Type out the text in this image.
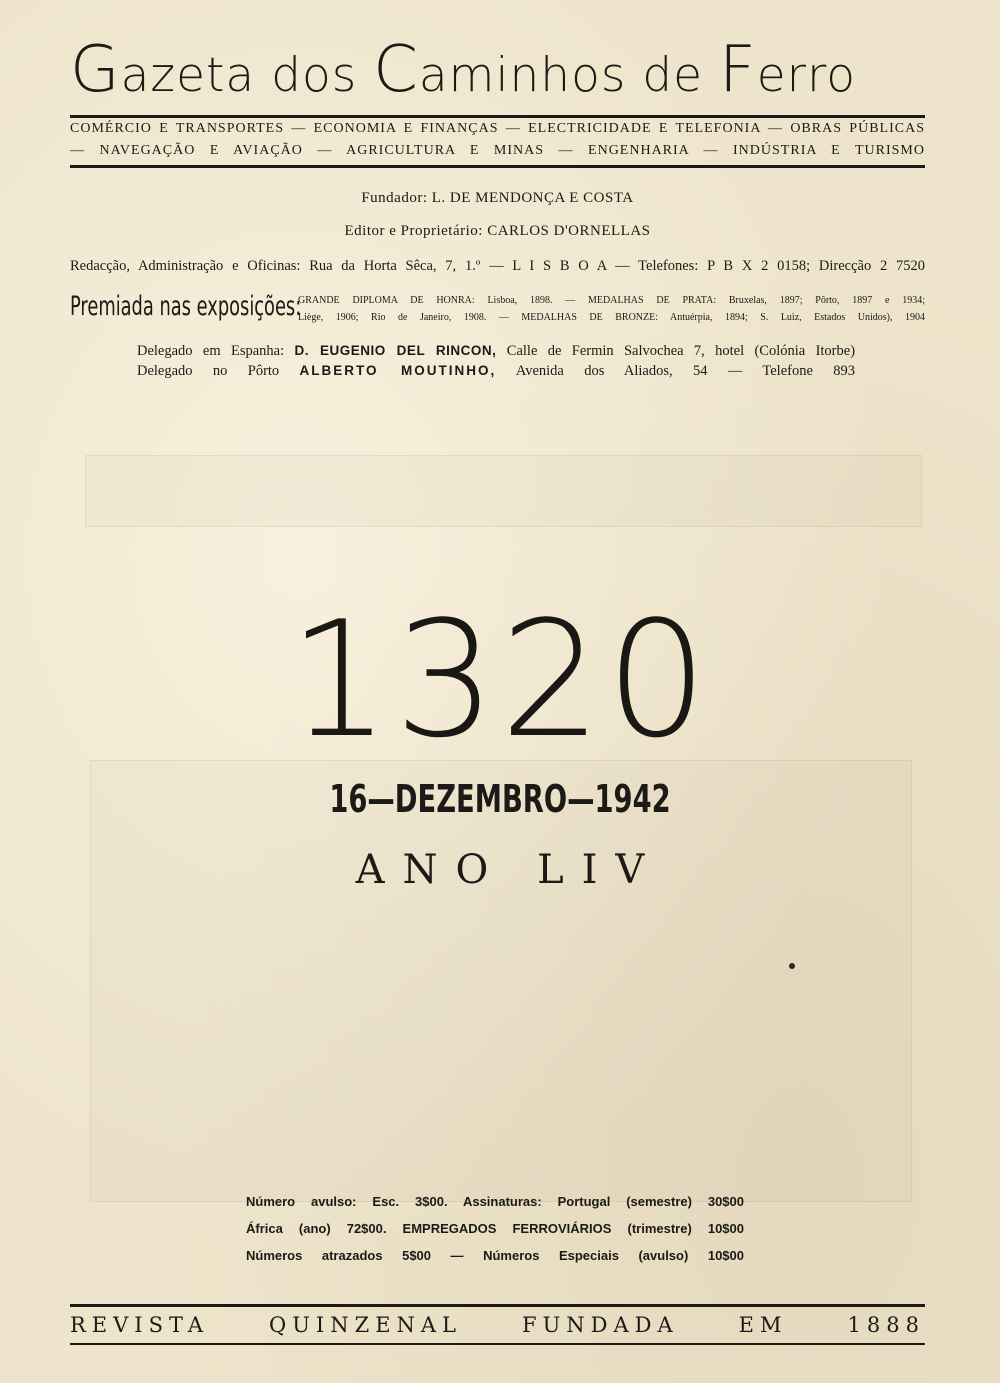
Gazeta dos Caminhos de Ferro
COMÉRCIO E TRANSPORTES — ECONOMIA E FINANÇAS — ELECTRICIDADE E TELEFONIA — OBRAS PÚBLICAS
— NAVEGAÇÃO E AVIAÇÃO — AGRICULTURA E MINAS — ENGENHARIA — INDÚSTRIA E TURISMO
Fundador: L. DE MENDONÇA E COSTA
Editor e Proprietário: CARLOS D'ORNELLAS
Redacção, Administração e Oficinas: Rua da Horta Sêca, 7, 1.º — L I S B O A — Telefones: P B X 2 0158; Direcção 2 7520
Premiada nas exposições:
GRANDE DIPLOMA DE HONRA: Lisboa, 1898. — MEDALHAS DE PRATA: Bruxelas, 1897; Pôrto, 1897 e 1934;
Liège, 1906; Rio de Janeiro, 1908. — MEDALHAS DE BRONZE: Antuérpia, 1894; S. Luiz, Estados Unidos), 1904
Delegado em Espanha: D. EUGENIO DEL RINCON, Calle de Fermin Salvochea 7, hotel (Colónia Itorbe)
Delegado no Pôrto ALBERTO MOUTINHO, Avenida dos Aliados, 54 — Telefone 893
1320
16—DEZEMBRO—1942
ANO LIV
Número avulso: Esc. 3$00. Assinaturas: Portugal (semestre) 30$00
África (ano) 72$00. EMPREGADOS FERROVIÁRIOS (trimestre) 10$00
Números atrazados 5$00 — Números Especiais (avulso) 10$00
REVISTA	QUINZENAL	FUNDADA	EM	1888
